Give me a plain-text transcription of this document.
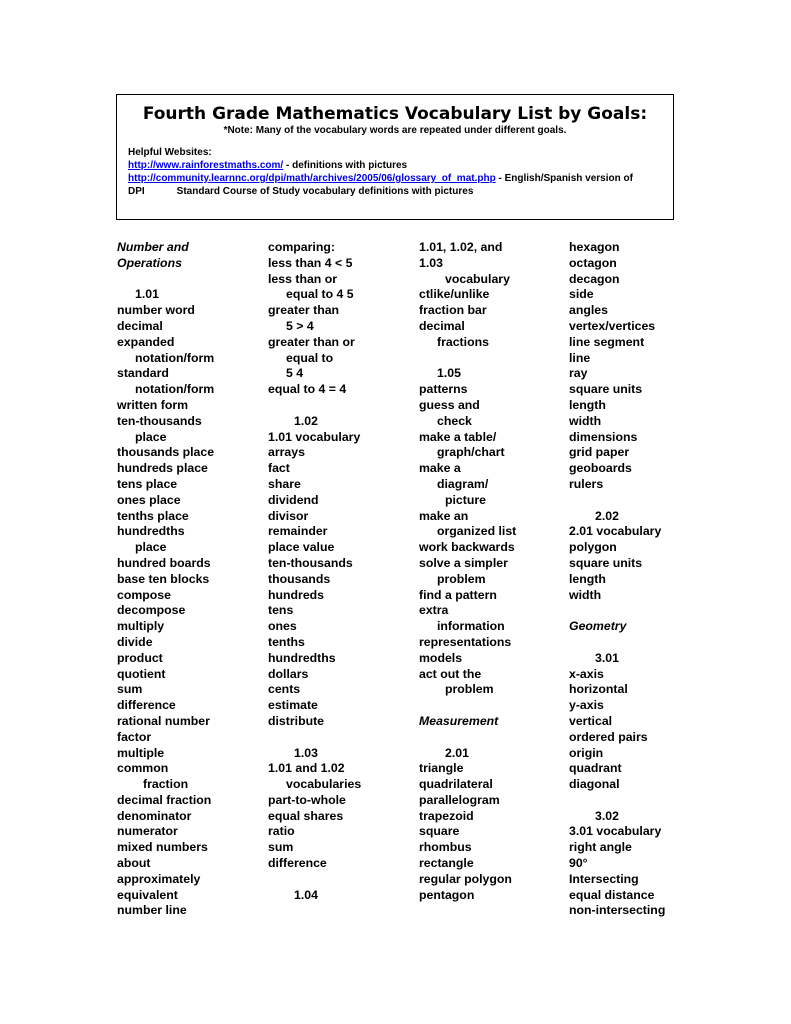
Fourth Grade Mathematics Vocabulary List by Goals:
*Note: Many of the vocabulary words are repeated under different goals.
Helpful Websites:
http://www.rainforestmaths.com/ - definitions with pictures
http://community.learnnc.org/dpi/math/archives/2005/06/glossary_of_mat.php - English/Spanish version of
DPI	Standard Course of Study vocabulary definitions with pictures
Number and
Operations
1.01
number word
decimal
expanded
notation/form
standard
notation/form
written form
ten-thousands
place
thousands place
hundreds place
tens place
ones place
tenths place
hundredths
place
hundred boards
base ten blocks
compose
decompose
multiply
divide
product
quotient
sum
difference
rational number
factor
multiple
common
fraction
decimal fraction
denominator
numerator
mixed numbers
about
approximately
equivalent
number line
comparing:
less than 4 < 5
less than or
equal to 4 5
greater than
5 > 4
greater than or
equal to
5 4
equal to 4 = 4
1.02
1.01 vocabulary
arrays
fact
share
dividend
divisor
remainder
place value
ten-thousands
thousands
hundreds
tens
ones
tenths
hundredths
dollars
cents
estimate
distribute
1.03
1.01 and 1.02
vocabularies
part-to-whole
equal shares
ratio
sum
difference
1.04
1.01, 1.02, and
1.03
vocabulary
ctlike/unlike
fraction bar
decimal
fractions
1.05
patterns
guess and
check
make a table/
graph/chart
make a
diagram/
picture
make an
organized list
work backwards
solve a simpler
problem
find a pattern
extra
information
representations
models
act out the
problem
Measurement
2.01
triangle
quadrilateral
parallelogram
trapezoid
square
rhombus
rectangle
regular polygon
pentagon
hexagon
octagon
decagon
side
angles
vertex/vertices
line segment
line
ray
square units
length
width
dimensions
grid paper
geoboards
rulers
2.02
2.01 vocabulary
polygon
square units
length
width
Geometry
3.01
x-axis
horizontal
y-axis
vertical
ordered pairs
origin
quadrant
diagonal
3.02
3.01 vocabulary
right angle
90°
Intersecting
equal distance
non-intersecting
